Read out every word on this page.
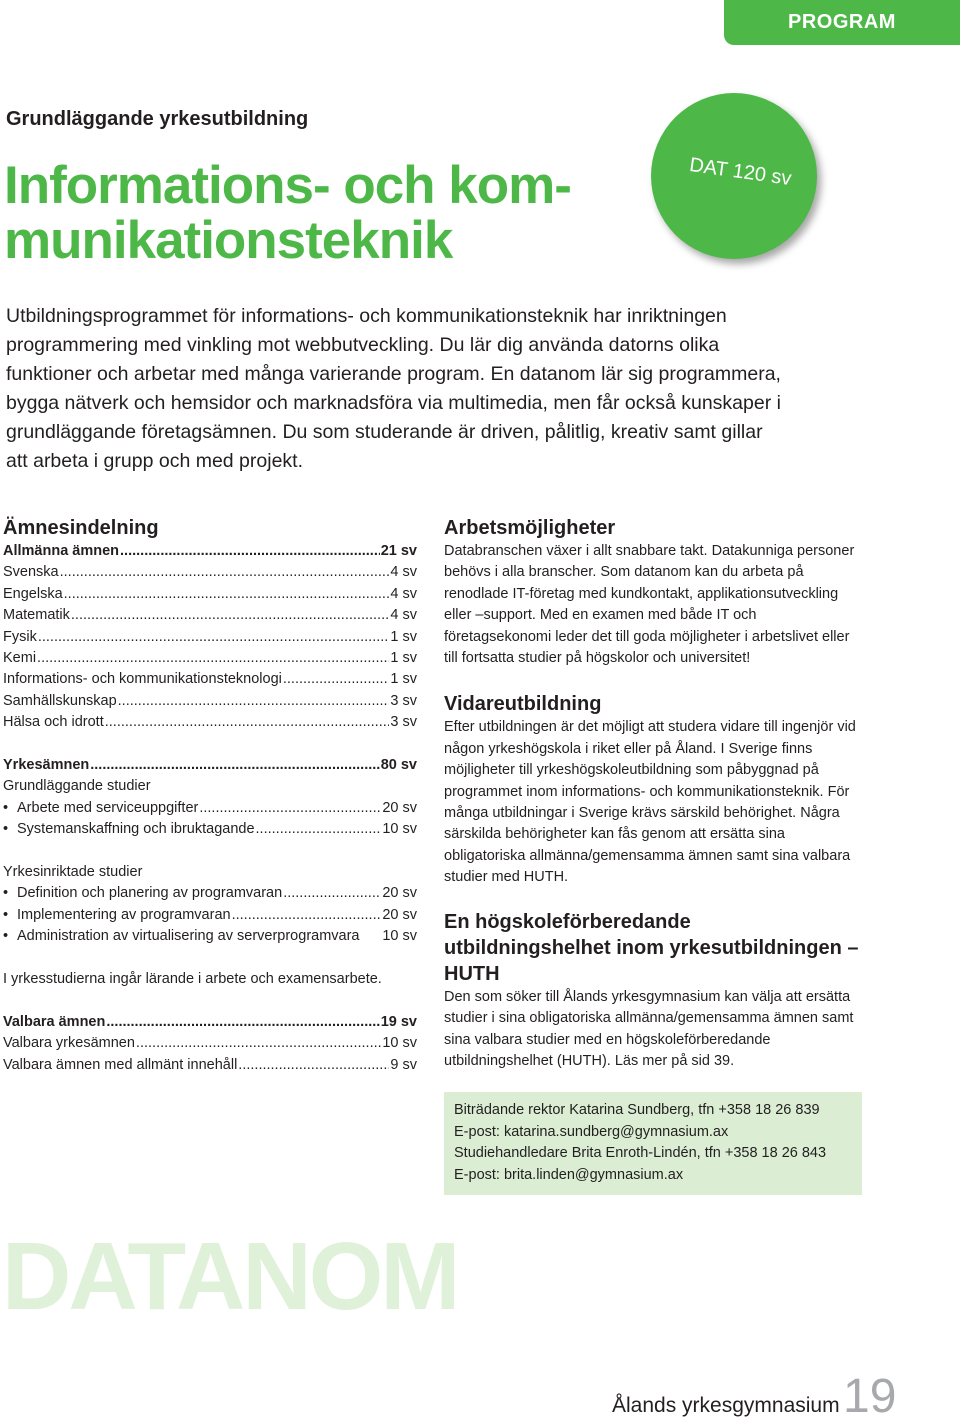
PROGRAM
DAT 120 sv
Grundläggande yrkesutbildning
Informations- och kom-
munikationsteknik
Utbildningsprogrammet för informations- och kommunikationsteknik har inriktningen programmering med vinkling mot webbutveckling. Du lär dig använda datorns olika funktioner och arbetar med många varierande program. En datanom lär sig programmera, bygga nätverk och hemsidor och marknadsföra via multimedia, men får också kunskaper i grundläggande företagsämnen. Du som studerande är driven, pålitlig, kreativ samt gillar att arbeta i grupp och med projekt.
Ämnesindelning
Allmänna ämnen .....	21 sv
Svenska .....	4 sv
Engelska .....	4 sv
Matematik .....	4 sv
Fysik .....	1 sv
Kemi .....	1 sv
Informations- och kommunikationsteknologi .....	1 sv
Samhällskunskap .....	3 sv
Hälsa och idrott .....	3 sv
Yrkesämnen .....	80 sv
Grundläggande studier
• Arbete med serviceuppgifter .....	20 sv
• Systemanskaffning och ibruktagande .....	10 sv
Yrkesinriktade studier
• Definition och planering av programvaran .....	20 sv
• Implementering av programvaran .....	20 sv
• Administration av virtualisering av serverprogramvara 10 sv
I yrkesstudierna ingår lärande i arbete och examensarbete.
Valbara ämnen .....	19 sv
Valbara yrkesämnen .....	10 sv
Valbara ämnen med allmänt innehåll .....	9 sv
Arbetsmöjligheter

Databranschen växer i allt snabbare takt. Datakunniga personer behövs i alla branscher. Som datanom kan du arbeta på renodlade IT-företag med kundkontakt, applikationsutveckling eller –support. Med en examen med både IT och företagsekonomi leder det till goda möjligheter i arbetslivet eller till fortsatta studier på högskolor och universitet!

Vidareutbildning

Efter utbildningen är det möjligt att studera vidare till ingenjör vid någon yrkeshögskola i riket eller på Åland. I Sverige finns möjligheter till yrkeshögskoleutbildning som påbyggnad på programmet inom informations- och kommunikationsteknik. För många utbildningar i Sverige krävs särskild behörighet. Några särskilda behörigheter kan fås genom att ersätta sina obligatoriska allmänna/gemensamma ämnen samt sina valbara studier med HUTH.

En högskoleförberedande utbildningshelhet inom yrkesutbildningen – HUTH

Den som söker till Ålands yrkesgymnasium kan välja att ersätta studier i sina obligatoriska allmänna/gemensamma ämnen samt sina valbara studier med en högskoleförberedande utbildningshelhet (HUTH). Läs mer på sid 39.

Biträdande rektor Katarina Sundberg, tfn +358 18 26 839
E-post: katarina.sundberg@gymnasium.ax
Studiehandledare Brita Enroth-Lindén, tfn +358 18 26 843
E-post: brita.linden@gymnasium.ax
DATANOM
Ålands yrkesgymnasium 19
